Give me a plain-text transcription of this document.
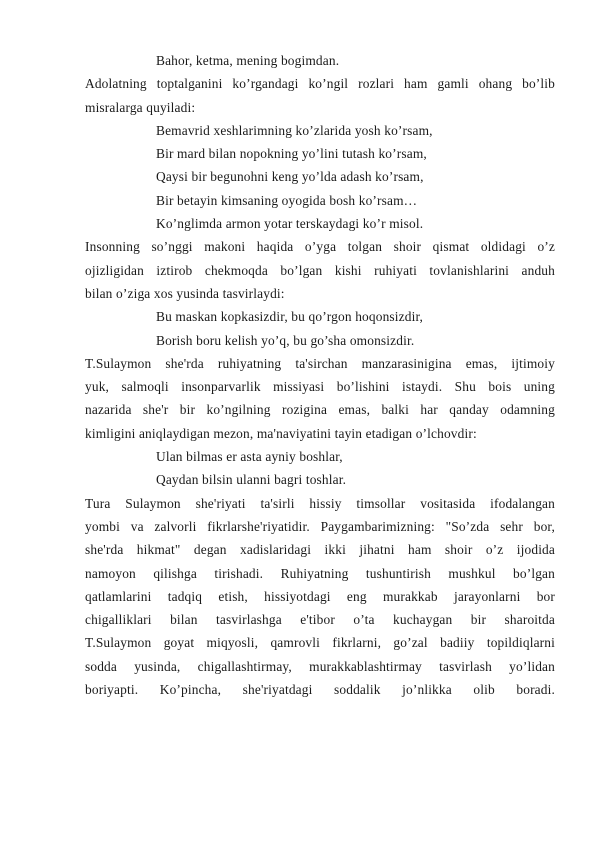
Bahor, ketma, mening bogimdan.
Adolatning toptalganini ko’rgandagi ko’ngil rozlari ham gamli ohang bo’lib
misralarga quyiladi:
Bemavrid xeshlarimning ko’zlarida yosh ko’rsam,
Bir mard bilan nopokning yo’lini tutash ko’rsam,
Qaysi bir begunohni keng yo’lda adash ko’rsam,
Bir betayin kimsaning oyogida bosh ko’rsam…
Ko’nglimda armon yotar terskaydagi ko’r misol.
Insonning so’nggi makoni haqida o’yga tolgan shoir qismat oldidagi o’z
ojizligidan iztirob chekmoqda bo’lgan kishi ruhiyati tovlanishlarini anduh
bilan o’ziga xos yusinda tasvirlaydi:
Bu maskan kopkasizdir, bu qo’rgon hoqonsizdir,
Borish boru kelish yo’q, bu go’sha omonsizdir.
T.Sulaymon she'rda ruhiyatning ta'sirchan manzarasinigina emas, ijtimoiy
yuk, salmoqli insonparvarlik missiyasi bo’lishini istaydi. Shu bois uning
nazarida she'r bir ko’ngilning rozigina emas, balki har qanday odamning
kimligini aniqlaydigan mezon, ma'naviyatini tayin etadigan o’lchovdir:
Ulan bilmas er asta ayniy boshlar,
Qaydan bilsin ulanni bagri toshlar.
Tura Sulaymon she'riyati ta'sirli hissiy timsollar vositasida ifodalangan
yombi va zalvorli fikrlarshe'riyatidir. Paygambarimizning: "So’zda sehr bor,
she'rda hikmat" degan xadislaridagi ikki jihatni ham shoir o’z ijodida
namoyon qilishga tirishadi. Ruhiyatning tushuntirish mushkul bo’lgan
qatlamlarini tadqiq etish, hissiyotdagi eng murakkab jarayonlarni bor
chigalliklari bilan tasvirlashga e'tibor o’ta kuchaygan bir sharoitda
T.Sulaymon goyat miqyosli, qamrovli fikrlarni, go’zal badiiy topildiqlarni
sodda yusinda, chigallashtirmay, murakkablashtirmay tasvirlash yo’lidan
boriyapti. Ko’pincha, she'riyatdagi soddalik jo’nlikka olib boradi.
